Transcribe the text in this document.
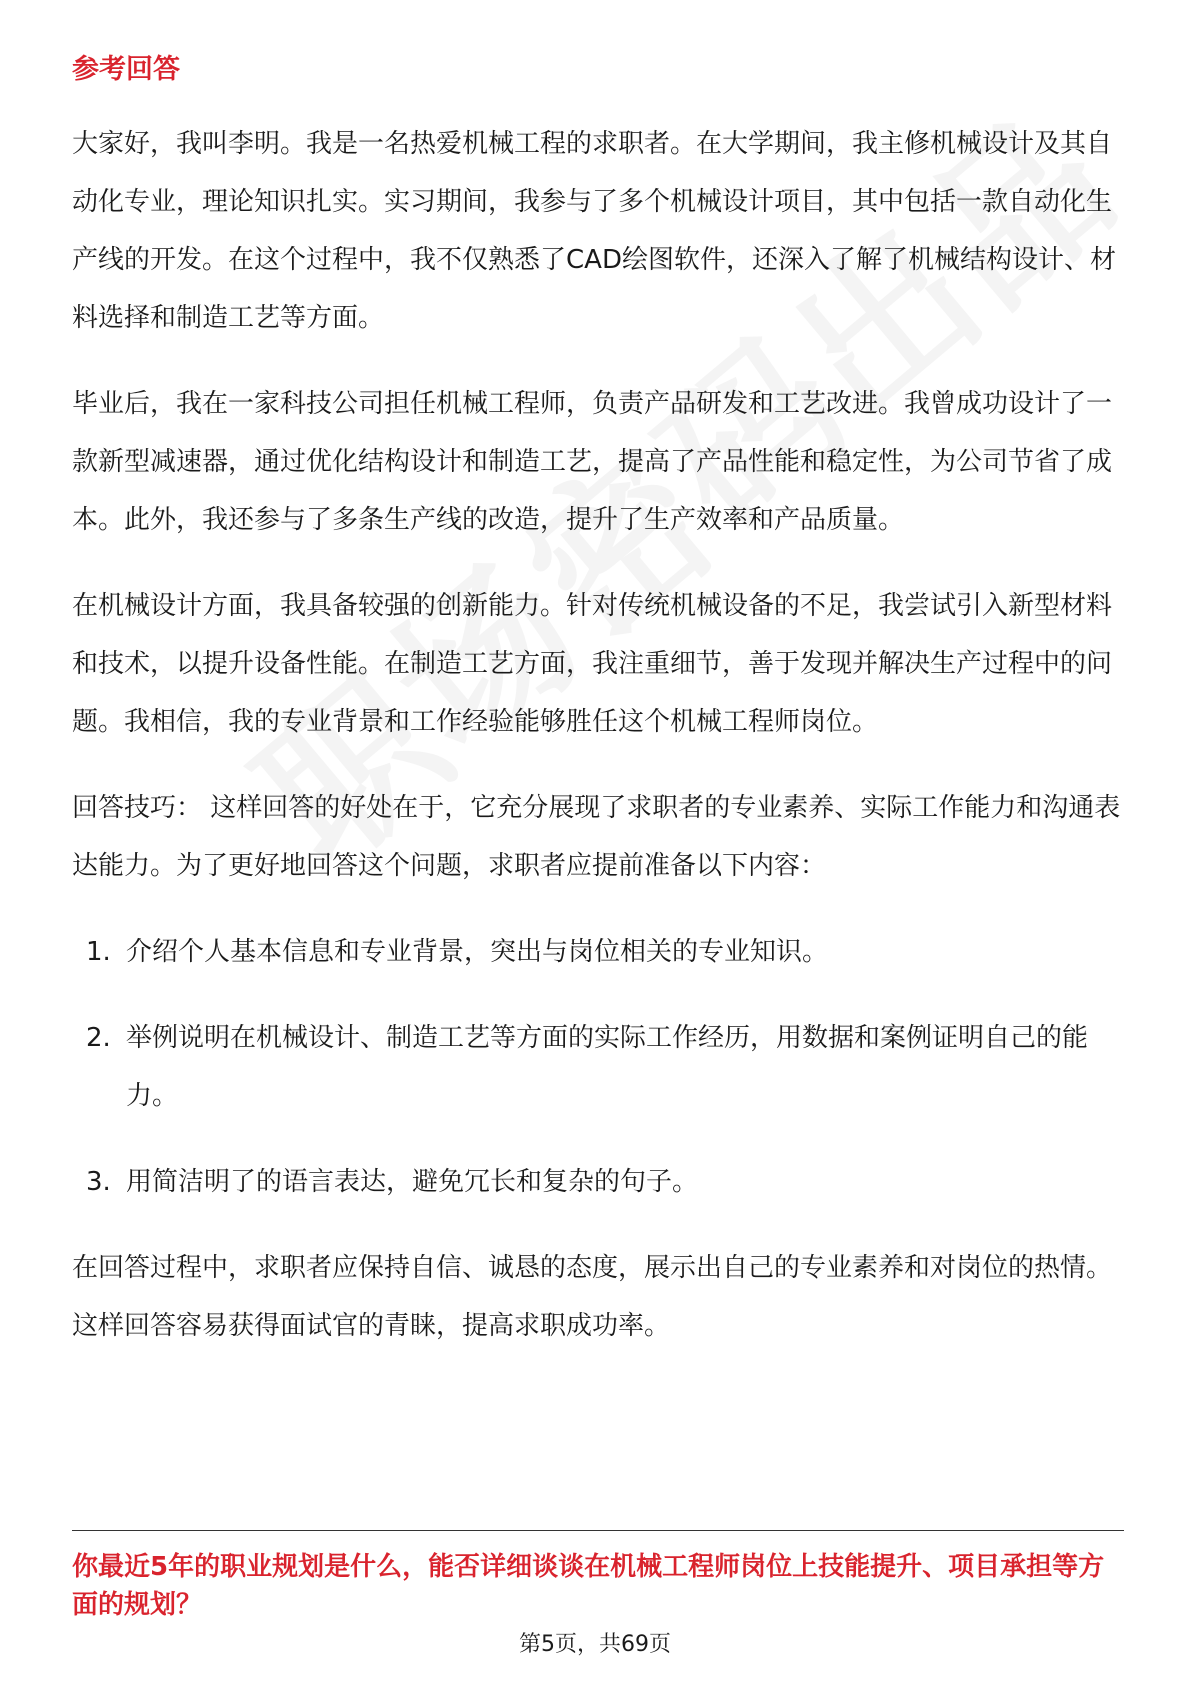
参考回答

大家好，我叫李明。我是一名热爱机械工程的求职者。在大学期间，我主修机械设计及其自动化专业，理论知识扎实。实习期间，我参与了多个机械设计项目，其中包括一款自动化生产线的开发。在这个过程中，我不仅熟悉了CAD绘图软件，还深入了解了机械结构设计、材料选择和制造工艺等方面。

毕业后，我在一家科技公司担任机械工程师，负责产品研发和工艺改进。我曾成功设计了一款新型减速器，通过优化结构设计和制造工艺，提高了产品性能和稳定性，为公司节省了成本。此外，我还参与了多条生产线的改造，提升了生产效率和产品质量。

在机械设计方面，我具备较强的创新能力。针对传统机械设备的不足，我尝试引入新型材料和技术，以提升设备性能。在制造工艺方面，我注重细节，善于发现并解决生产过程中的问题。我相信，我的专业背景和工作经验能够胜任这个机械工程师岗位。

回答技巧： 这样回答的好处在于，它充分展现了求职者的专业素养、实际工作能力和沟通表达能力。为了更好地回答这个问题，求职者应提前准备以下内容：

1. 介绍个人基本信息和专业背景，突出与岗位相关的专业知识。
2. 举例说明在机械设计、制造工艺等方面的实际工作经历，用数据和案例证明自己的能力。
3. 用简洁明了的语言表达，避免冗长和复杂的句子。

在回答过程中，求职者应保持自信、诚恳的态度，展示出自己的专业素养和对岗位的热情。这样回答容易获得面试官的青睐，提高求职成功率。

你最近5年的职业规划是什么，能否详细谈谈在机械工程师岗位上技能提升、项目承担等方面的规划？
第5页，共69页
